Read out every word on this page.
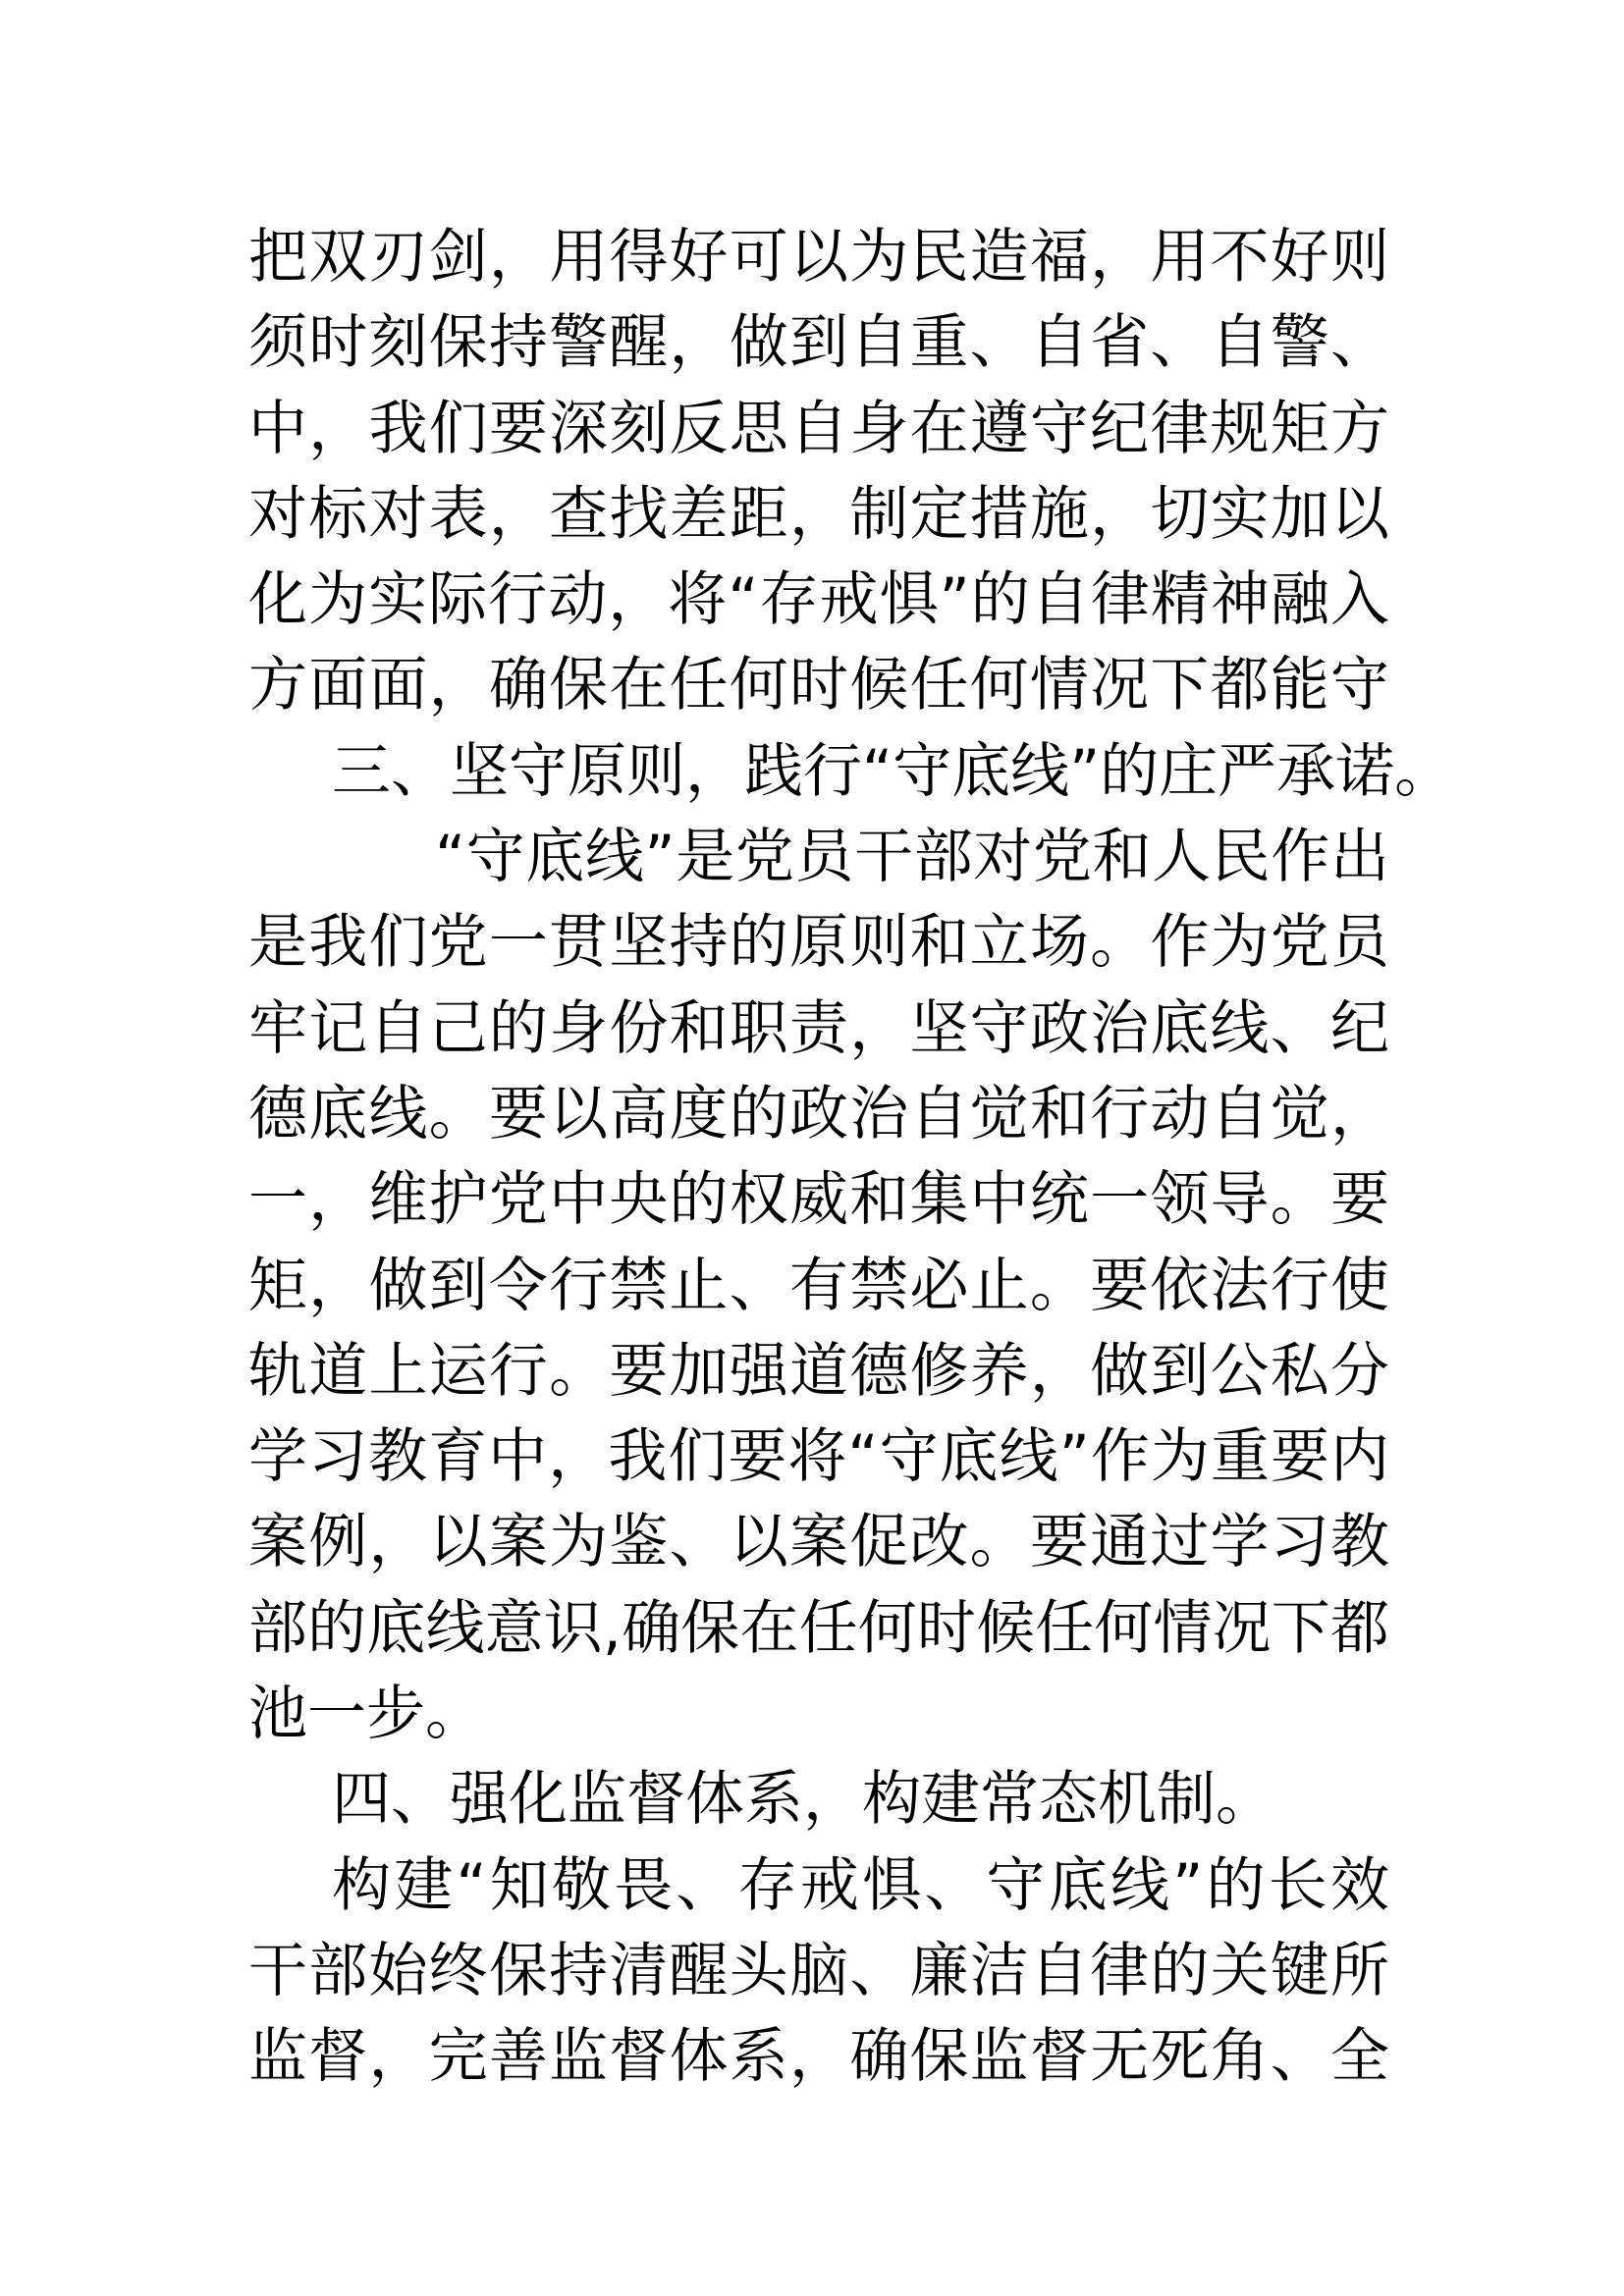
把双刃剑，用得好可以为民造福，用不好则
须时刻保持警醒，做到自重、自省、自警、
中，我们要深刻反思自身在遵守纪律规矩方
对标对表，查找差距，制定措施，切实加以
化为实际行动，将“存戒惧”的自律精神融入
方面面，确保在任何时候任何情况下都能守
三、坚守原则，践行“守底线”的庄严承诺。
“守底线”是党员干部对党和人民作出
是我们党一贯坚持的原则和立场。作为党员
牢记自己的身份和职责，坚守政治底线、纪
德底线。要以高度的政治自觉和行动自觉，
一，维护党中央的权威和集中统一领导。要
矩，做到令行禁止、有禁必止。要依法行使
轨道上运行。要加强道德修养，做到公私分
学习教育中，我们要将“守底线”作为重要内
案例，以案为鉴、以案促改。要通过学习教
部的底线意识,确保在任何时候任何情况下都
池一步。
四、强化监督体系，构建常态机制。
构建“知敬畏、存戒惧、守底线”的长效
干部始终保持清醒头脑、廉洁自律的关键所
监督，完善监督体系，确保监督无死角、全
